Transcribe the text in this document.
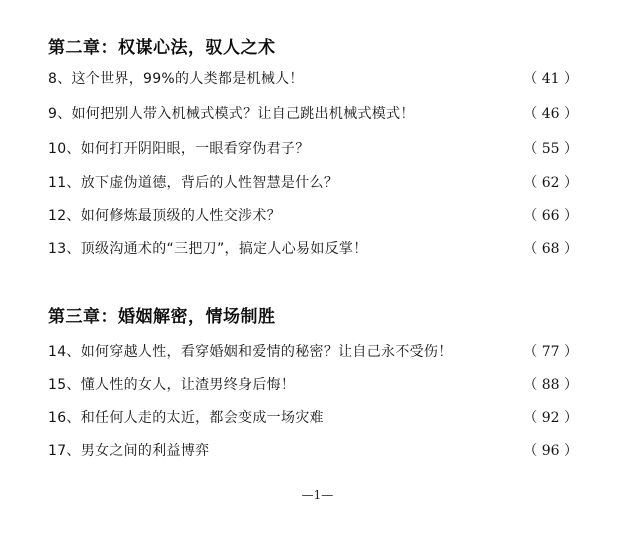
第二章：权谋心法，驭人之术
8、这个世界，99%的人类都是机械人！	（ 41 ）
9、如何把别人带入机械式模式？让自己跳出机械式模式！	（ 46 ）
10、如何打开阴阳眼，一眼看穿伪君子？	（ 55 ）
11、放下虚伪道德，背后的人性智慧是什么？	（ 62 ）
12、如何修炼最顶级的人性交涉术？	（ 66 ）
13、顶级沟通术的“三把刀”，搞定人心易如反掌！	（ 68 ）
第三章：婚姻解密，情场制胜
14、如何穿越人性，看穿婚姻和爱情的秘密？让自己永不受伤！	（ 77 ）
15、懂人性的女人，让渣男终身后悔！	（ 88 ）
16、和任何人走的太近，都会变成一场灾难	（ 92 ）
17、男女之间的利益博弈	（ 96 ）
—1—
